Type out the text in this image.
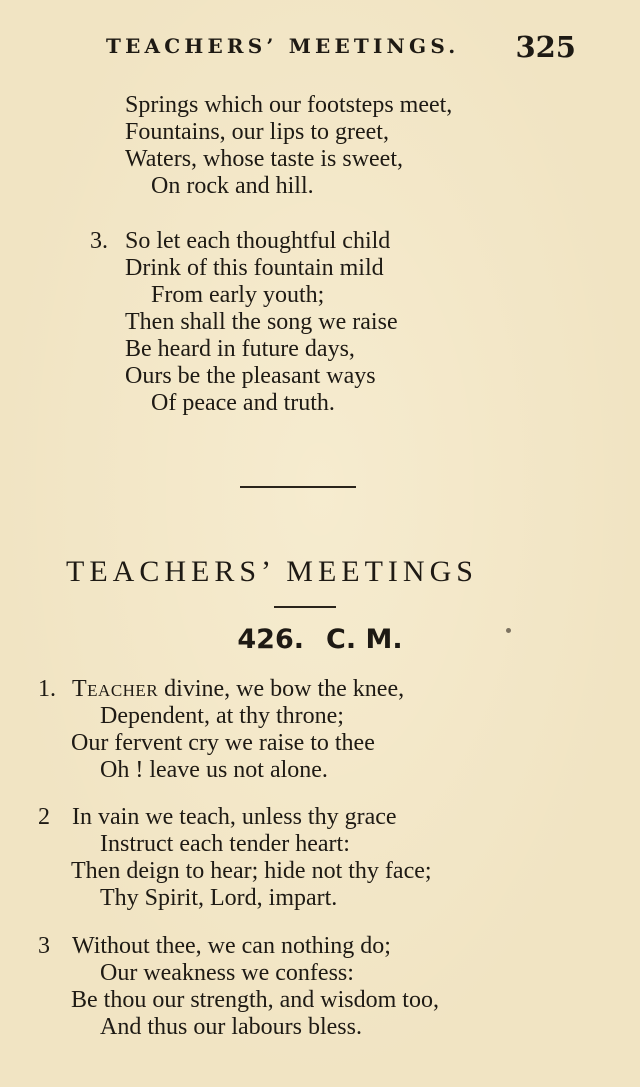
TEACHERS’ MEETINGS. 325
Springs which our footsteps meet,
Fountains, our lips to greet,
Waters, whose taste is sweet,
On rock and hill.
3. So let each thoughtful child
Drink of this fountain mild
From early youth;
Then shall the song we raise
Be heard in future days,
Ours be the pleasant ways
Of peace and truth.
TEACHERS’ MEETINGS
426. C. M.
1. Teacher divine, we bow the knee,
Dependent, at thy throne;
Our fervent cry we raise to thee
Oh ! leave us not alone.
2 In vain we teach, unless thy grace
Instruct each tender heart:
Then deign to hear; hide not thy face;
Thy Spirit, Lord, impart.
3 Without thee, we can nothing do;
Our weakness we confess:
Be thou our strength, and wisdom too,
And thus our labours bless.
